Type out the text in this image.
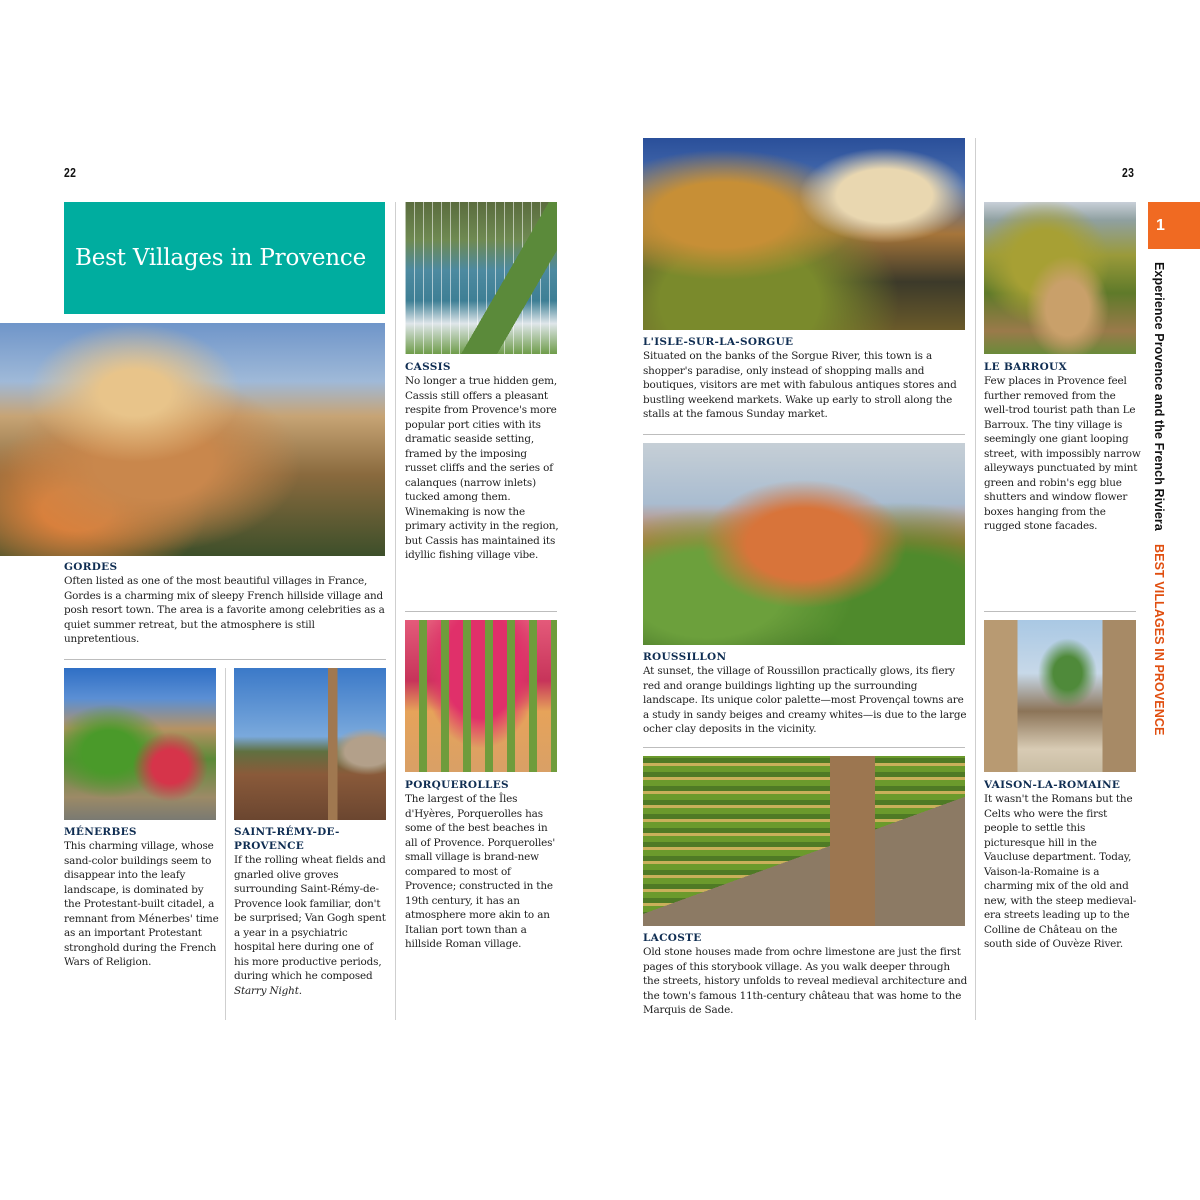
22
Best Villages in Provence
GORDES
Often listed as one of the most beautiful villages in France, Gordes is a charming mix of sleepy French hillside village and posh resort town. The area is a favorite among celebrities as a quiet summer retreat, but the atmosphere is still unpretentious.
MÉNERBES
This charming village, whose sand-color buildings seem to disappear into the leafy landscape, is dominated by the Protestant-built citadel, a remnant from Ménerbes' time as an important Protestant stronghold during the French Wars of Religion.
SAINT-RÉMY-DE-PROVENCE
If the rolling wheat fields and gnarled olive groves surrounding Saint-Rémy-de-Provence look familiar, don't be surprised; Van Gogh spent a year in a psychiatric hospital here during one of his more productive periods, during which he composed Starry Night.
CASSIS
No longer a true hidden gem, Cassis still offers a pleasant respite from Provence's more popular port cities with its dramatic seaside setting, framed by the imposing russet cliffs and the series of calanques (narrow inlets) tucked among them. Winemaking is now the primary activity in the region, but Cassis has maintained its idyllic fishing village vibe.
PORQUEROLLES
The largest of the Îles d'Hyères, Porquerolles has some of the best beaches in all of Provence. Porquerolles' small village is brand-new compared to most of Provence; constructed in the 19th century, it has an atmosphere more akin to an Italian port town than a hillside Roman village.
23
L'ISLE-SUR-LA-SORGUE
Situated on the banks of the Sorgue River, this town is a shopper's paradise, only instead of shopping malls and boutiques, visitors are met with fabulous antiques stores and bustling weekend markets. Wake up early to stroll along the stalls at the famous Sunday market.
ROUSSILLON
At sunset, the village of Roussillon practically glows, its fiery red and orange buildings lighting up the surrounding landscape. Its unique color palette—most Provençal towns are a study in sandy beiges and creamy whites—is due to the large ocher clay deposits in the vicinity.
LACOSTE
Old stone houses made from ochre limestone are just the first pages of this storybook village. As you walk deeper through the streets, history unfolds to reveal medieval architecture and the town's famous 11th-century château that was home to the Marquis de Sade.
LE BARROUX
Few places in Provence feel further removed from the well-trod tourist path than Le Barroux. The tiny village is seemingly one giant looping street, with impossibly narrow alleyways punctuated by mint green and robin's egg blue shutters and window flower boxes hanging from the rugged stone facades.
VAISON-LA-ROMAINE
It wasn't the Romans but the Celts who were the first people to settle this picturesque hill in the Vaucluse department. Today, Vaison-la-Romaine is a charming mix of the old and new, with the steep medieval-era streets leading up to the Colline de Château on the south side of Ouvèze River.
1
Experience Provence and the French Riviera BEST VILLAGES IN PROVENCE
